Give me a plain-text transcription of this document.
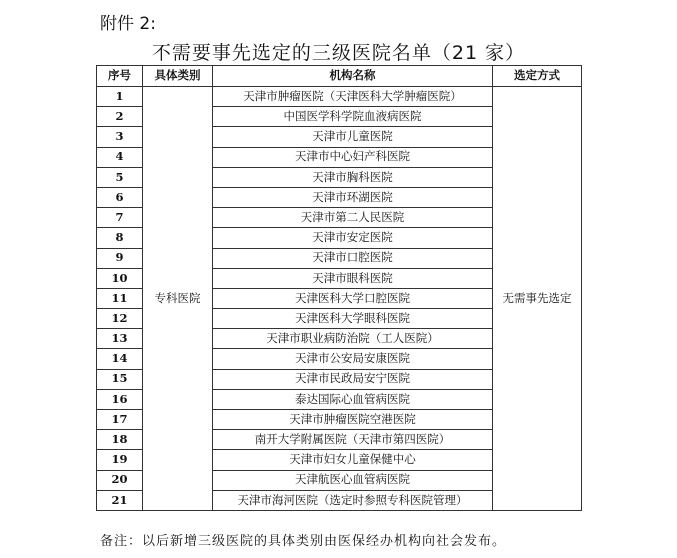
附件 2:
不需要事先选定的三级医院名单（21 家）
序号	具体类别	机构名称	选定方式
1	专科医院	天津市肿瘤医院（天津医科大学肿瘤医院）	无需事先选定
2		中国医学科学院血液病医院	
3		天津市儿童医院	
4		天津市中心妇产科医院	
5		天津市胸科医院	
6		天津市环湖医院	
7		天津市第二人民医院	
8		天津市安定医院	
9		天津市口腔医院	
10		天津市眼科医院	
11		天津医科大学口腔医院	
12		天津医科大学眼科医院	
13		天津市职业病防治院（工人医院）	
14		天津市公安局安康医院	
15		天津市民政局安宁医院	
16		泰达国际心血管病医院	
17		天津市肿瘤医院空港医院	
18		南开大学附属医院（天津市第四医院）	
19		天津市妇女儿童保健中心	
20		天津航医心血管病医院	
21		天津市海河医院（选定时参照专科医院管理）	
备注：以后新增三级医院的具体类别由医保经办机构向社会发布。
